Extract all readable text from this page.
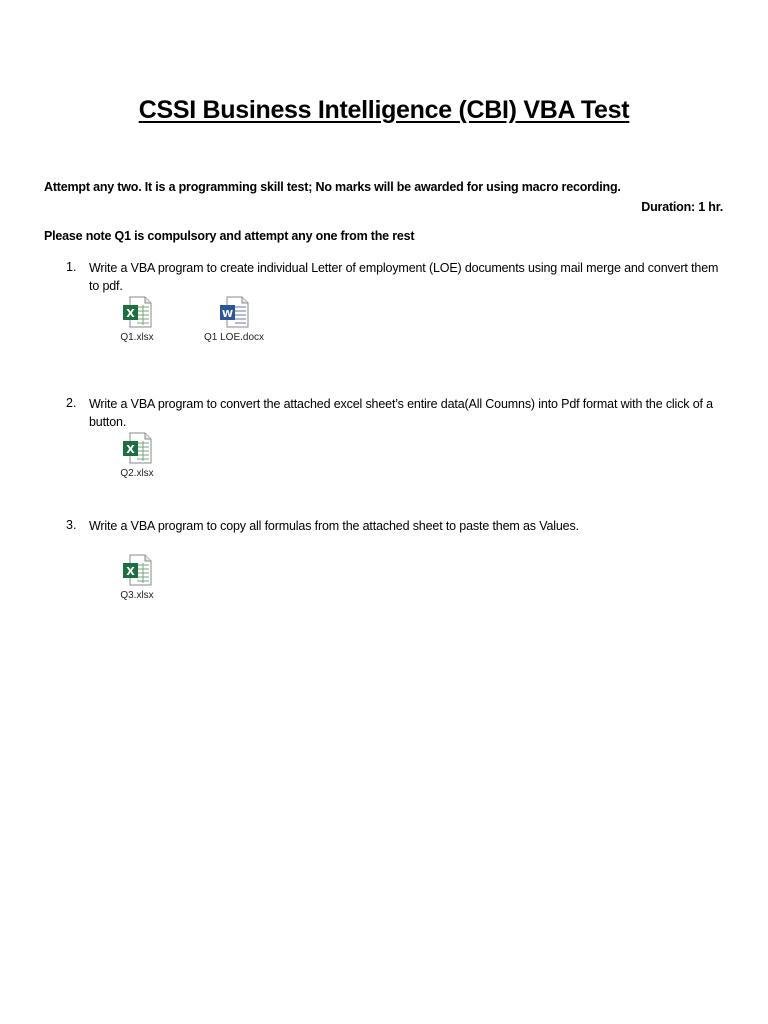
CSSI Business Intelligence (CBI) VBA Test
Attempt any two. It is a programming skill test; No marks will be awarded for using macro recording.
Duration: 1 hr.
Please note Q1 is compulsory and attempt any one from the rest
1. Write a VBA program to create individual Letter of employment (LOE) documents using mail merge and convert them to pdf.
X
Q1.xlsx
W
Q1 LOE.docx
2. Write a VBA program to convert the attached excel sheet’s entire data(All Coumns) into Pdf format with the click of a button.
X
Q2.xlsx
3. Write a VBA program to copy all formulas from the attached sheet to paste them as Values.
X
Q3.xlsx
